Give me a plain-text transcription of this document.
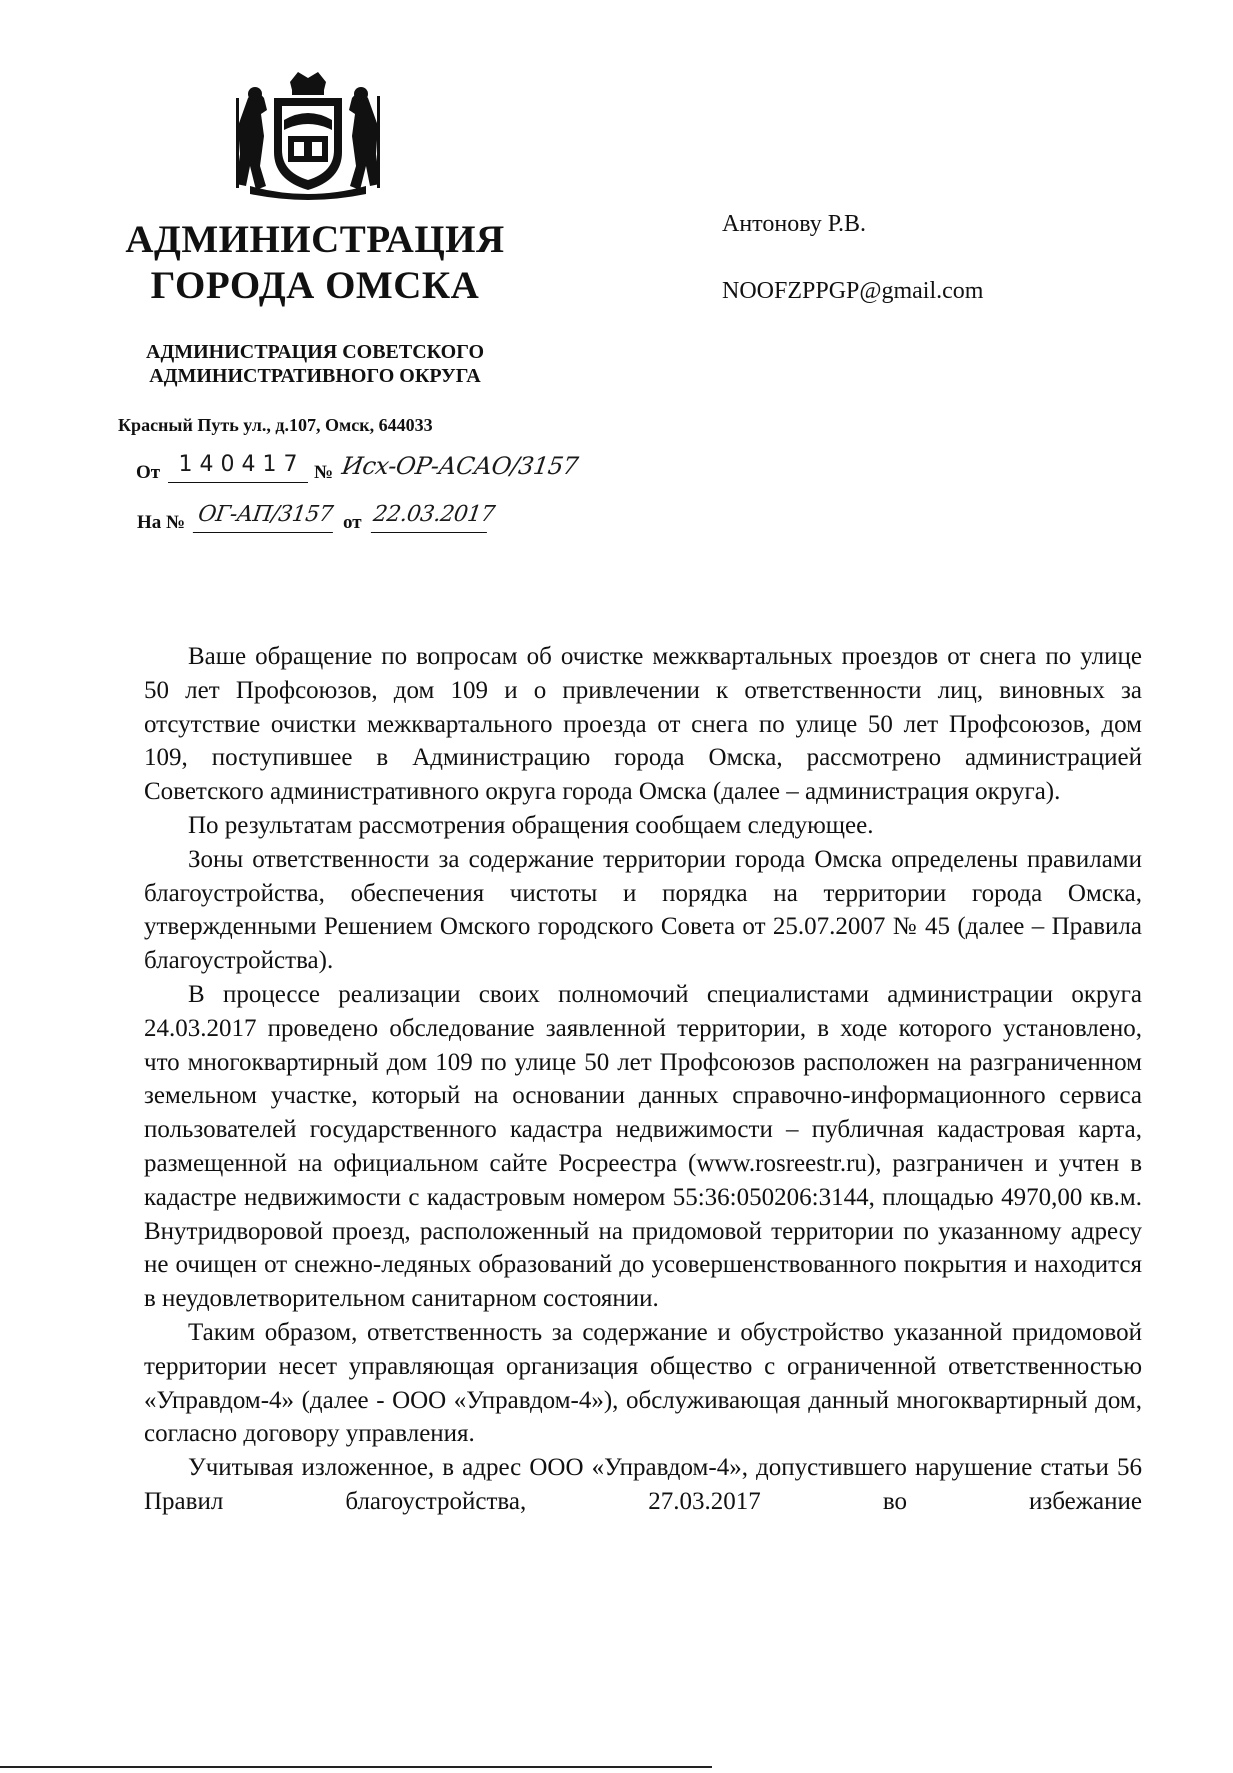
АДМИНИСТРАЦИЯ
ГОРОДА ОМСКА
АДМИНИСТРАЦИЯ СОВЕТСКОГО
АДМИНИСТРАТИВНОГО ОКРУГА
Красный Путь ул., д.107, Омск, 644033
От 1 4 0 4 1 7 № Исх-ОР-АСАО/3157
На № ОГ-АП/3157 от 22.03.2017
Антонову Р.В.
NOOFZPPGP@gmail.com

Ваше обращение по вопросам об очистке межквартальных проездов от снега по улице 50 лет Профсоюзов, дом 109 и о привлечении к ответственности лиц, виновных за отсутствие очистки межквартального проезда от снега по улице 50 лет Профсоюзов, дом 109, поступившее в Администрацию города Омска, рассмотрено администрацией Советского административного округа города Омска (далее – администрация округа).

По результатам рассмотрения обращения сообщаем следующее.

Зоны ответственности за содержание территории города Омска определены правилами благоустройства, обеспечения чистоты и порядка на территории города Омска, утвержденными Решением Омского городского Совета от 25.07.2007 № 45 (далее – Правила благоустройства).

В процессе реализации своих полномочий специалистами администрации округа 24.03.2017 проведено обследование заявленной территории, в ходе которого установлено, что многоквартирный дом 109 по улице 50 лет Профсоюзов расположен на разграниченном земельном участке, который на основании данных справочно-информационного сервиса пользователей государственного кадастра недвижимости – публичная кадастровая карта, размещенной на официальном сайте Росреестра (www.rosreestr.ru), разграничен и учтен в кадастре недвижимости с кадастровым номером 55:36:050206:3144, площадью 4970,00 кв.м. Внутридворовой проезд, расположенный на придомовой территории по указанному адресу не очищен от снежно-ледяных образований до усовершенствованного покрытия и находится в неудовлетворительном санитарном состоянии.

Таким образом, ответственность за содержание и обустройство указанной придомовой территории несет управляющая организация общество с ограниченной ответственностью «Управдом-4» (далее - ООО «Управдом-4»), обслуживающая данный многоквартирный дом, согласно договору управления.

Учитывая изложенное, в адрес ООО «Управдом-4», допустившего нарушение статьи 56 Правил благоустройства, 27.03.2017 во избежание
